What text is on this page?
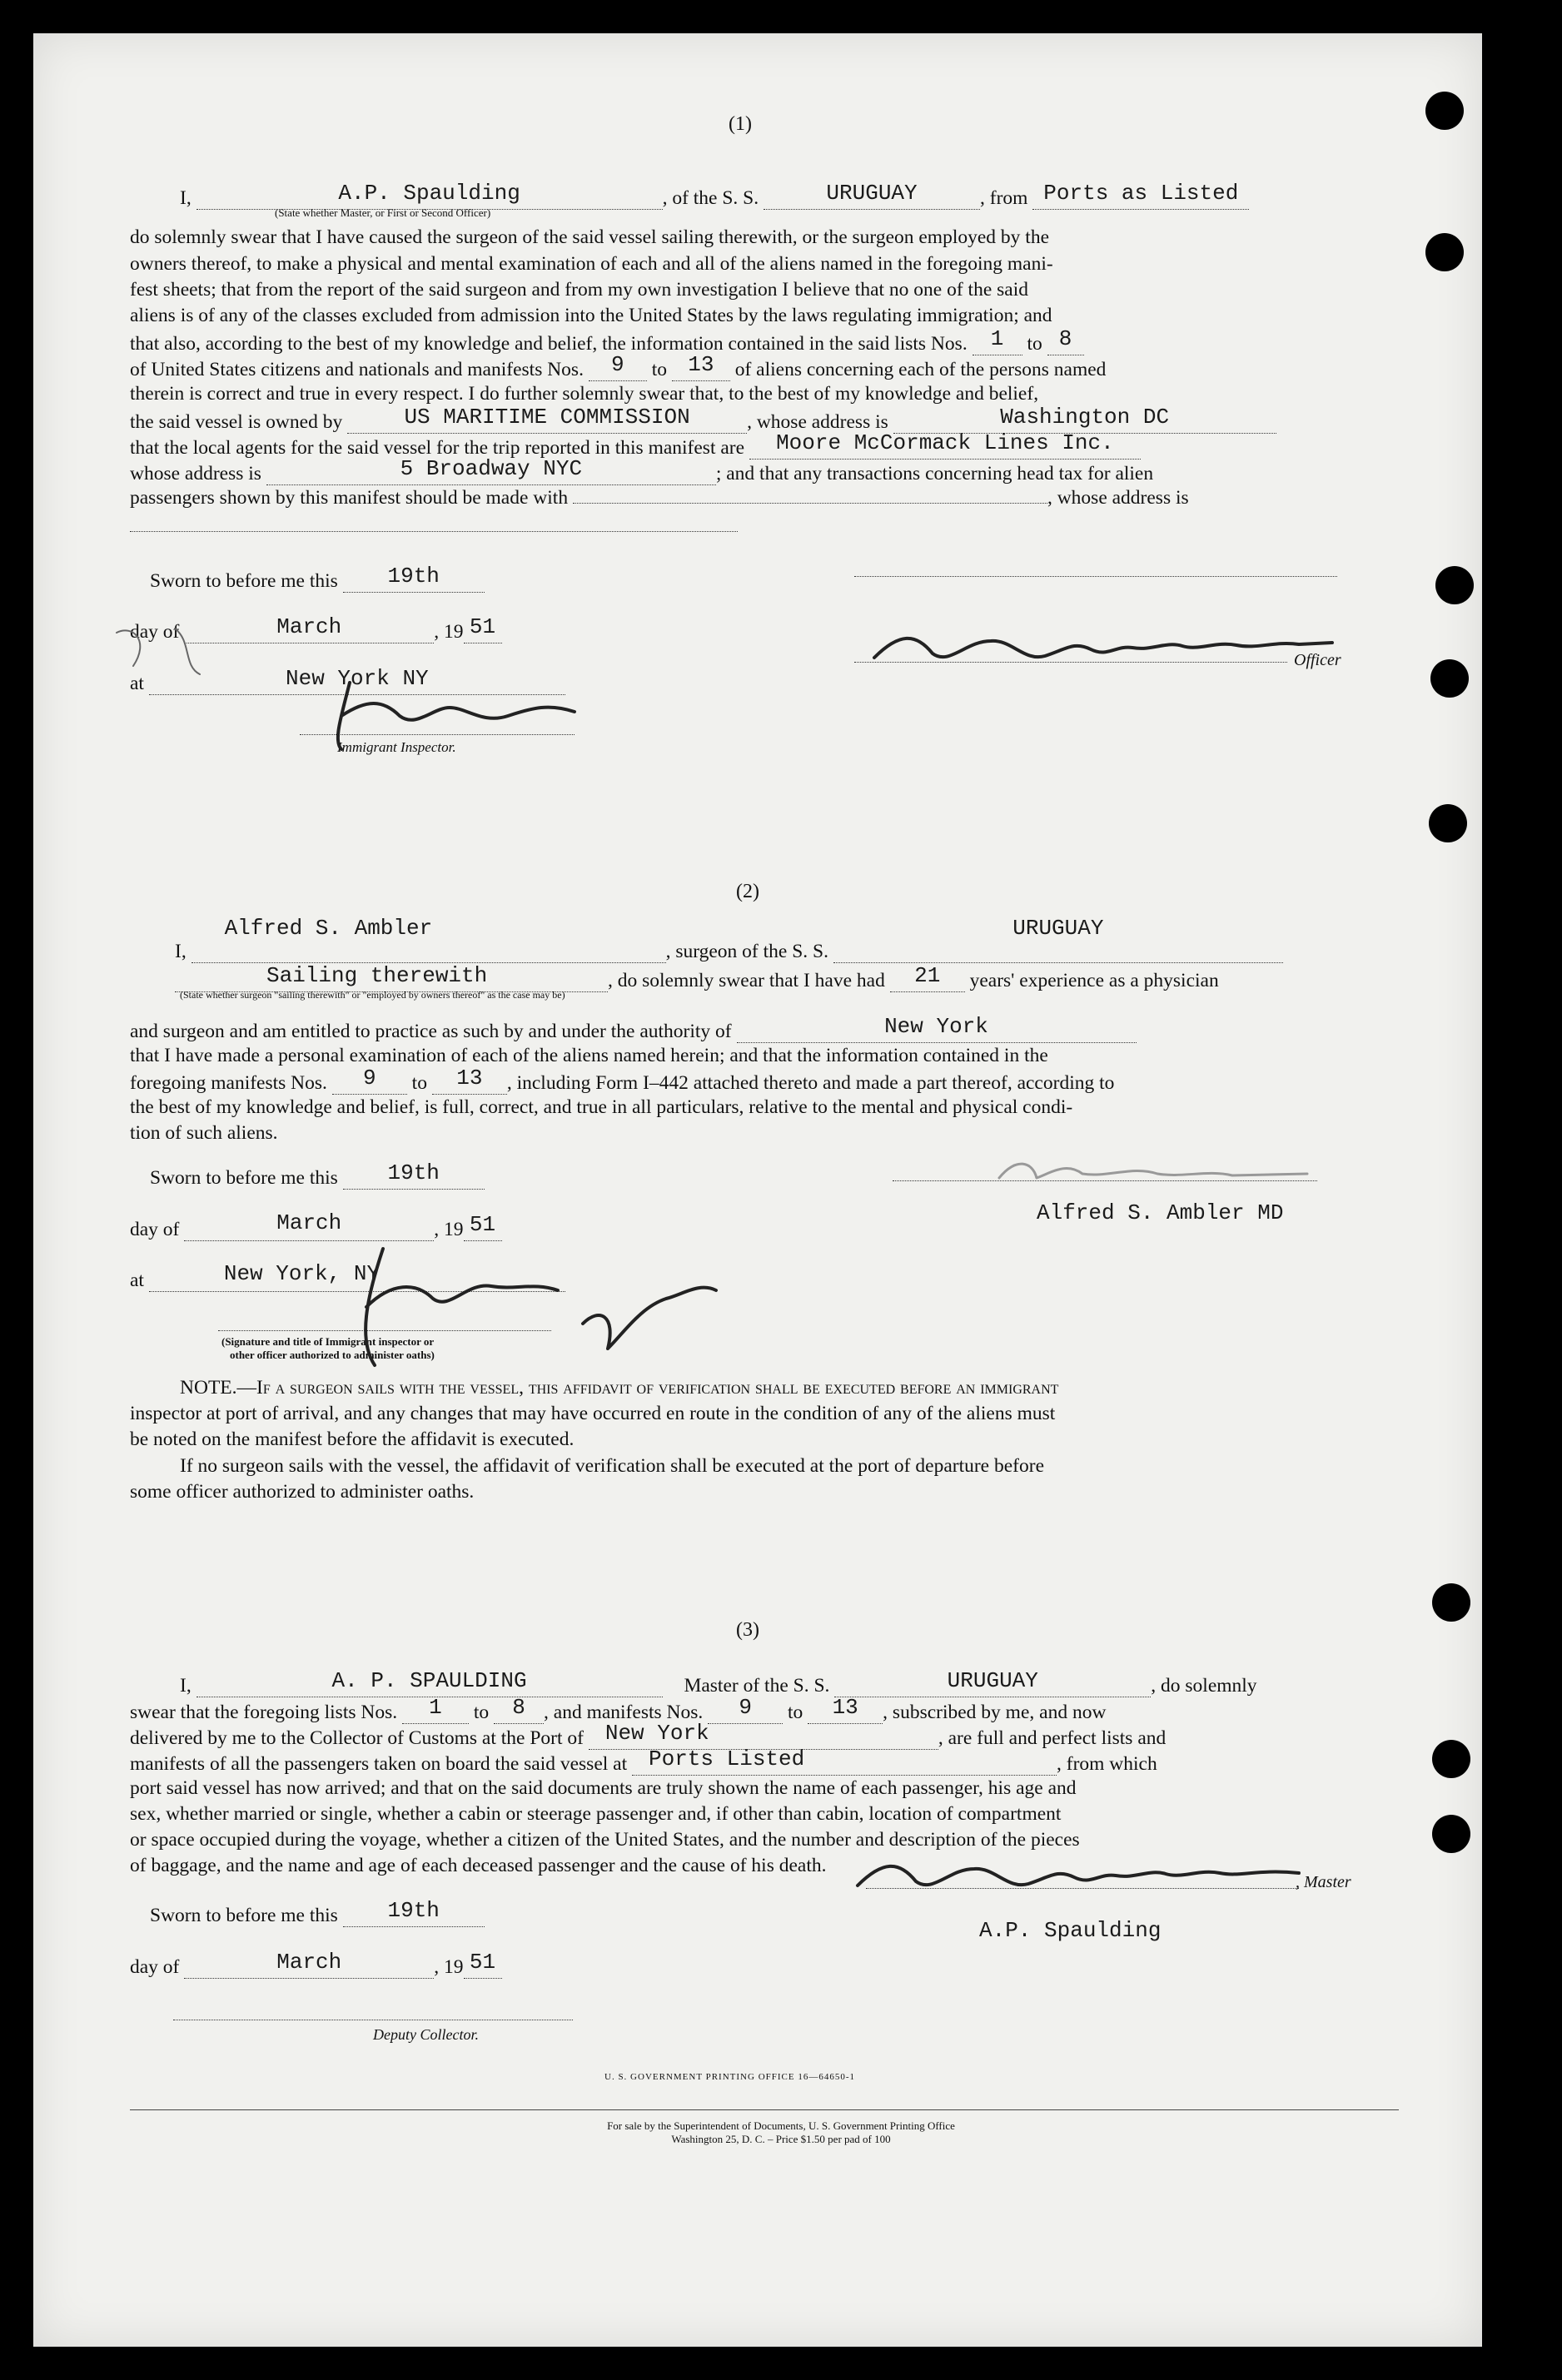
(1)
I,	A.P. Spaulding	, of the S. S.	URUGUAY	, from Ports as Listed
(State whether Master, or First or Second Officer)
do solemnly swear that I have caused the surgeon of the said vessel sailing therewith, or the surgeon employed by the
owners thereof, to make a physical and mental examination of each and all of the aliens named in the foregoing mani-
fest sheets; that from the report of the said surgeon and from my own investigation I believe that no one of the said
aliens is of any of the classes excluded from admission into the United States by the laws regulating immigration; and
that also, according to the best of my knowledge and belief, the information contained in the said lists Nos. 1 to 8
of United States citizens and nationals and manifests Nos. 9 to 13 of aliens concerning each of the persons named
therein is correct and true in every respect. I do further solemnly swear that, to the best of my knowledge and belief,
the said vessel is owned by	US MARITIME COMMISSION	, whose address is	Washington DC
that the local agents for the said vessel for the trip reported in this manifest are Moore McCormack Lines Inc.
whose address is	5 Broadway NYC	; and that any transactions concerning head tax for alien
passengers shown by this manifest should be made with	, whose address is
Sworn to before me this 19th
day of	March	, 19 51
at	New York NY
Immigrant Inspector.
Officer
(2)
I, Alfred S. Ambler, surgeon of the S. S. URUGUAY
Sailing therewith	, do solemnly swear that I have had 21 years' experience as a physician
(State whether surgeon "sailing therewith" or "employed by owners thereof" as the case may be)
and surgeon and am entitled to practice as such by and under the authority of	New York
that I have made a personal examination of each of the aliens named herein; and that the information contained in the
foregoing manifests Nos. 9 to 13 , including Form I–442 attached thereto and made a part thereof, according to
the best of my knowledge and belief, is full, correct, and true in all particulars, relative to the mental and physical condi-
tion of such aliens.
Sworn to before me this 19th
day of	March	, 19 51
at	New York, NY
(Signature and title of Immigrant inspector or
other officer authorized to administer oaths)
Alfred S. Ambler MD
NOTE.—If a surgeon sails with the vessel, this affidavit of verification shall be executed before an immigrant
inspector at port of arrival, and any changes that may have occurred en route in the condition of any of the aliens must
be noted on the manifest before the affidavit is executed.
If no surgeon sails with the vessel, the affidavit of verification shall be executed at the port of departure before
some officer authorized to administer oaths.
(3)
I,	A. P. SPAULDING	Master of the S. S.	URUGUAY	, do solemnly
swear that the foregoing lists Nos. 1 to 8 , and manifests Nos. 9 to 13 , subscribed by me, and now
delivered by me to the Collector of Customs at the Port of New York	, are full and perfect lists and
manifests of all the passengers taken on board the said vessel at Ports Listed	, from which
port said vessel has now arrived; and that on the said documents are truly shown the name of each passenger, his age and
sex, whether married or single, whether a cabin or steerage passenger and, if other than cabin, location of compartment
or space occupied during the voyage, whether a citizen of the United States, and the number and description of the pieces
of baggage, and the name and age of each deceased passenger and the cause of his death.
Sworn to before me this 19th
day of	March	, 19 51
Deputy Collector.
, Master
A.P. Spaulding
U. S. GOVERNMENT PRINTING OFFICE 16—64650-1
For sale by the Superintendent of Documents, U. S. Government Printing Office
Washington 25, D. C. – Price $1.50 per pad of 100
